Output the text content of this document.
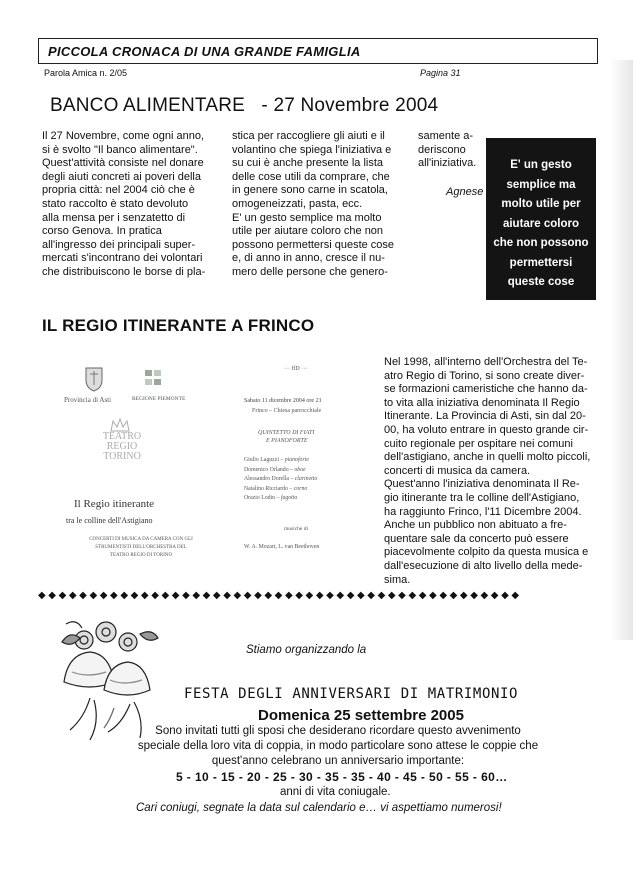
PICCOLA CRONACA DI UNA GRANDE FAMIGLIA
Parola Amica n. 2/05	Pagina 31
BANCO ALIMENTARE   - 27 Novembre 2004
Il 27 Novembre, come ogni anno,
si è svolto "Il banco alimentare".
Quest'attività consiste nel donare
degli aiuti concreti ai poveri della
propria città: nel 2004 ciò che è
stato raccolto è stato devoluto
alla mensa per i senzatetto di
corso Genova. In pratica
all'ingresso dei principali super-
mercati s'incontrano dei volontari
che distribuiscono le borse di pla-
stica per raccogliere gli aiuti e il
volantino che spiega l'iniziativa e
su cui è anche presente la lista
delle cose utili da comprare, che
in genere sono carne in scatola,
omogeneizzati, pasta, ecc.
E' un gesto semplice ma molto
utile per aiutare coloro che non
possono permettersi queste cose
e, di anno in anno, cresce il nu-
mero delle persone che genero-
samente a-
deriscono
all'iniziativa.
Agnese
E' un gesto
semplice ma
molto utile per
aiutare coloro
che non possono
permettersi
queste cose
IL REGIO ITINERANTE A FRINCO
Provincia di Asti	REGIONE PIEMONTE
TEATRO
REGIO
TORINO
Il Regio itinerante
tra le colline dell'Astigiano
CONCERTI DI MUSICA DA CAMERA CON GLI
STRUMENTISTI DELL'ORCHESTRA DEL
TEATRO REGIO DI TORINO
··· ffD ···
Sabato 11 dicembre 2004 ore 21
Frinco – Chiesa parrocchiale
QUINTETTO DI FIATI
E PIANOFORTE
Giulio Laguzzi – pianoforte
Domenico Orlando – oboe
Alessandro Dorella – clarinetto
Natalino Ricciardo – corno
Orazio Lodin – fagotto
musiche di
W. A. Mozart, L. van Beethoven
Nel 1998, all'interno dell'Orchestra del Te-
atro Regio di Torino, si sono create diver-
se formazioni cameristiche che hanno da-
to vita alla iniziativa denominata Il Regio
Itinerante. La Provincia di Asti, sin dal 20-
00, ha voluto entrare in questo grande cir-
cuito regionale per ospitare nei comuni
dell'astigiano, anche in quelli molto piccoli,
concerti di musica da camera.
Quest'anno l'iniziativa denominata Il Re-
gio itinerante tra le colline dell'Astigiano,
ha raggiunto Frinco, l'11 Dicembre 2004.
Anche un pubblico non abituato a fre-
quentare sale da concerto può essere
piacevolmente colpito da questa musica e
dall'esecuzione di alto livello della mede-
sima.
◆◆◆◆◆◆◆◆◆◆◆◆◆◆◆◆◆◆◆◆◆◆◆◆◆◆◆◆◆◆◆◆◆◆◆◆◆◆◆◆◆◆◆◆◆◆◆
Stiamo organizzando la
FESTA DEGLI ANNIVERSARI DI MATRIMONIO
Domenica 25 settembre 2005
Sono invitati tutti gli sposi che desiderano ricordare questo avvenimento
speciale della loro vita di coppia, in modo particolare sono attese le coppie che
quest'anno celebrano un anniversario importante:
5 - 10 - 15 - 20 - 25 - 30 - 35 - 35 - 40 - 45 - 50 - 55 - 60…
anni di vita coniugale.
Cari coniugi, segnate la data sul calendario e… vi aspettiamo numerosi!
